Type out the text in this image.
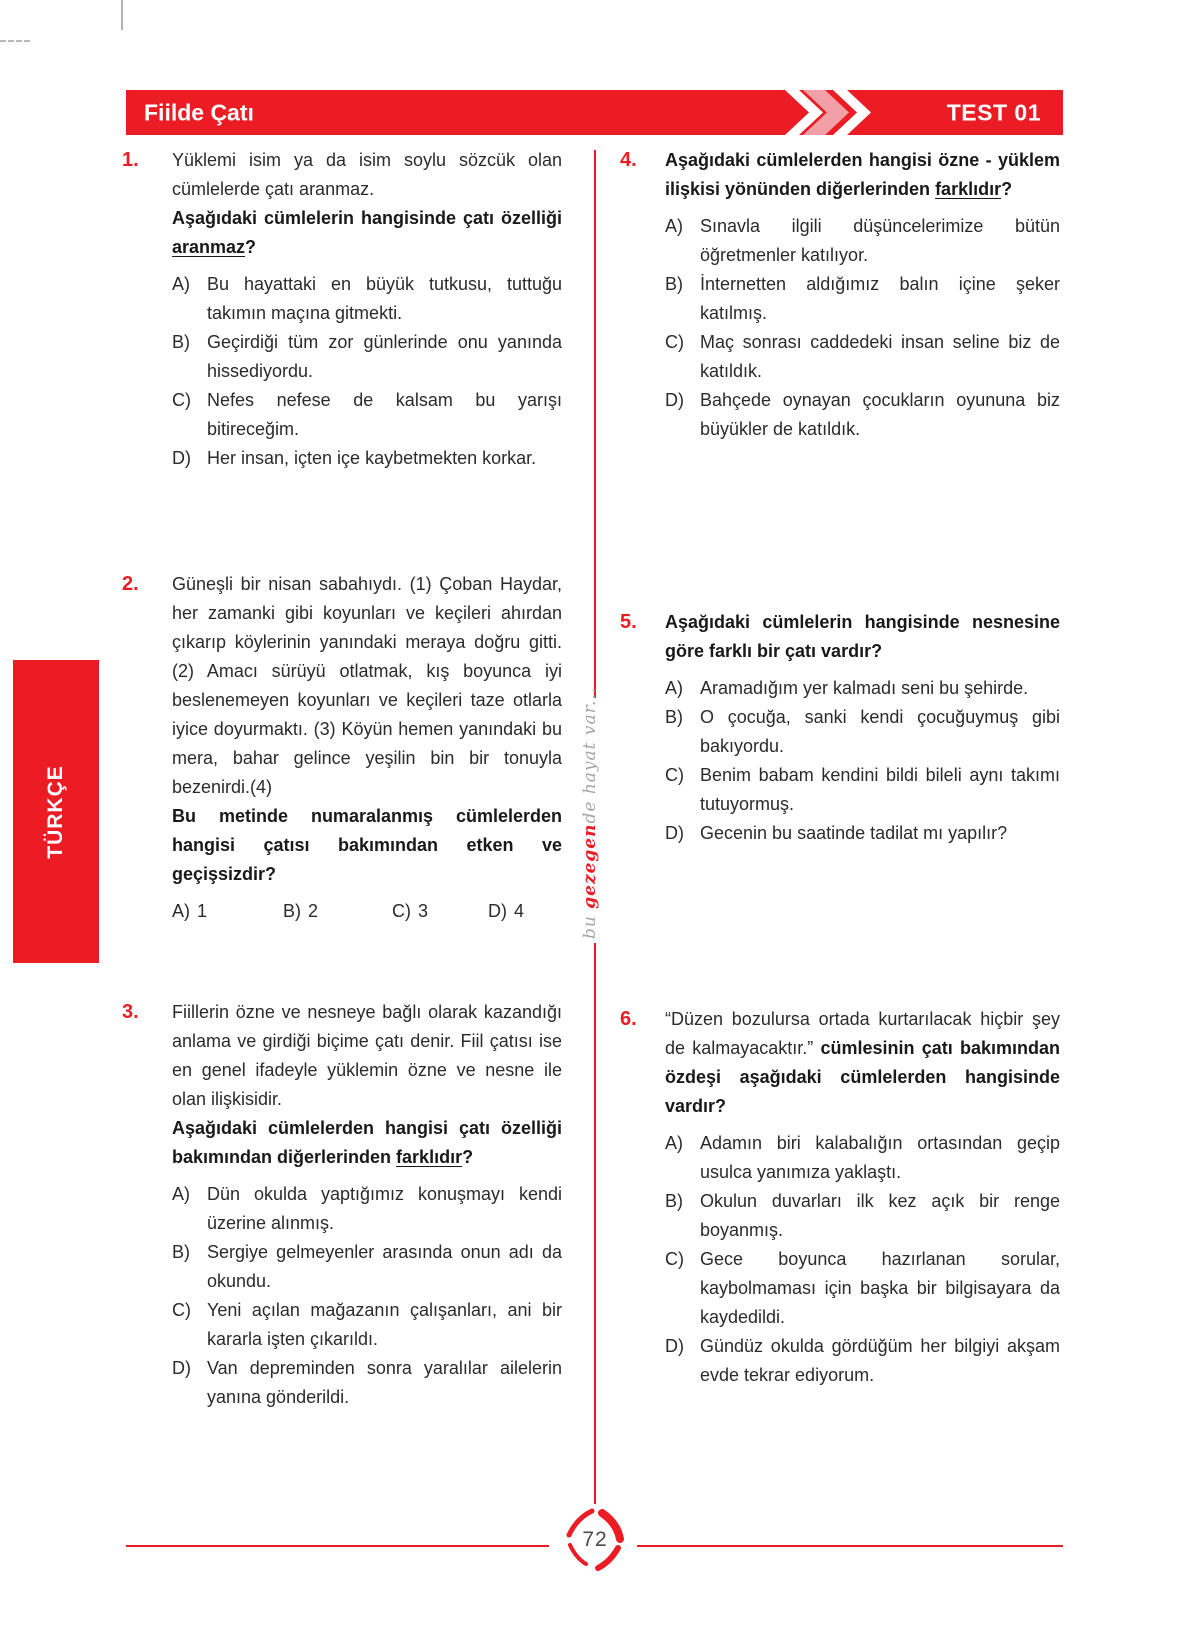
Fiilde Çatı	TEST 01
72
TÜRKÇE
bu gezegende hayat var...
1. Yüklemi isim ya da isim soylu sözcük olan cümlelerde çatı aranmaz.

Aşağıdaki cümlelerin hangisinde çatı özelliği aranmaz?

A) Bu hayattaki en büyük tutkusu, tuttuğu takımın maçına gitmekti.
B) Geçirdiği tüm zor günlerinde onu yanında hissediyordu.
C) Nefes nefese de kalsam bu yarışı bitireceğim.
D) Her insan, içten içe kaybetmekten korkar.
2. Güneşli bir nisan sabahıydı. (1) Çoban Haydar, her zamanki gibi koyunları ve keçileri ahırdan çıkarıp köylerinin yanındaki meraya doğru gitti. (2) Amacı sürüyü otlatmak, kış boyunca iyi beslenemeyen koyunları ve keçileri taze otlarla iyice doyurmaktı. (3) Köyün hemen yanındaki bu mera, bahar gelince yeşilin bin bir tonuyla bezenirdi.(4)

Bu metinde numaralanmış cümlelerden hangisi çatısı bakımından etken ve geçişsizdir?

A) 1	B) 2	C) 3	D) 4
3. Fiillerin özne ve nesneye bağlı olarak kazandığı anlama ve girdiği biçime çatı denir. Fiil çatısı ise en genel ifadeyle yüklemin özne ve nesne ile olan ilişkisidir.

Aşağıdaki cümlelerden hangisi çatı özelliği bakımından diğerlerinden farklıdır?

A) Dün okulda yaptığımız konuşmayı kendi üzerine alınmış.
B) Sergiye gelmeyenler arasında onun adı da okundu.
C) Yeni açılan mağazanın çalışanları, ani bir kararla işten çıkarıldı.
D) Van depreminden sonra yaralılar ailelerin yanına gönderildi.
4. Aşağıdaki cümlelerden hangisi özne - yüklem ilişkisi yönünden diğerlerinden farklıdır?

A) Sınavla ilgili düşüncelerimize bütün öğretmenler katılıyor.
B) İnternetten aldığımız balın içine şeker katılmış.
C) Maç sonrası caddedeki insan seline biz de katıldık.
D) Bahçede oynayan çocukların oyununa biz büyükler de katıldık.
5. Aşağıdaki cümlelerin hangisinde nesnesine göre farklı bir çatı vardır?

A) Aramadığım yer kalmadı seni bu şehirde.
B) O çocuğa, sanki kendi çocuğuymuş gibi bakıyordu.
C) Benim babam kendini bildi bileli aynı takımı tutuyormuş.
D) Gecenin bu saatinde tadilat mı yapılır?
6. “Düzen bozulursa ortada kurtarılacak hiçbir şey de kalmayacaktır.” cümlesinin çatı bakımından özdeşi aşağıdaki cümlelerden hangisinde vardır?

A) Adamın biri kalabalığın ortasından geçip usulca yanımıza yaklaştı.
B) Okulun duvarları ilk kez açık bir renge boyanmış.
C) Gece boyunca hazırlanan sorular, kaybolmaması için başka bir bilgisayara da kaydedildi.
D) Gündüz okulda gördüğüm her bilgiyi akşam evde tekrar ediyorum.
